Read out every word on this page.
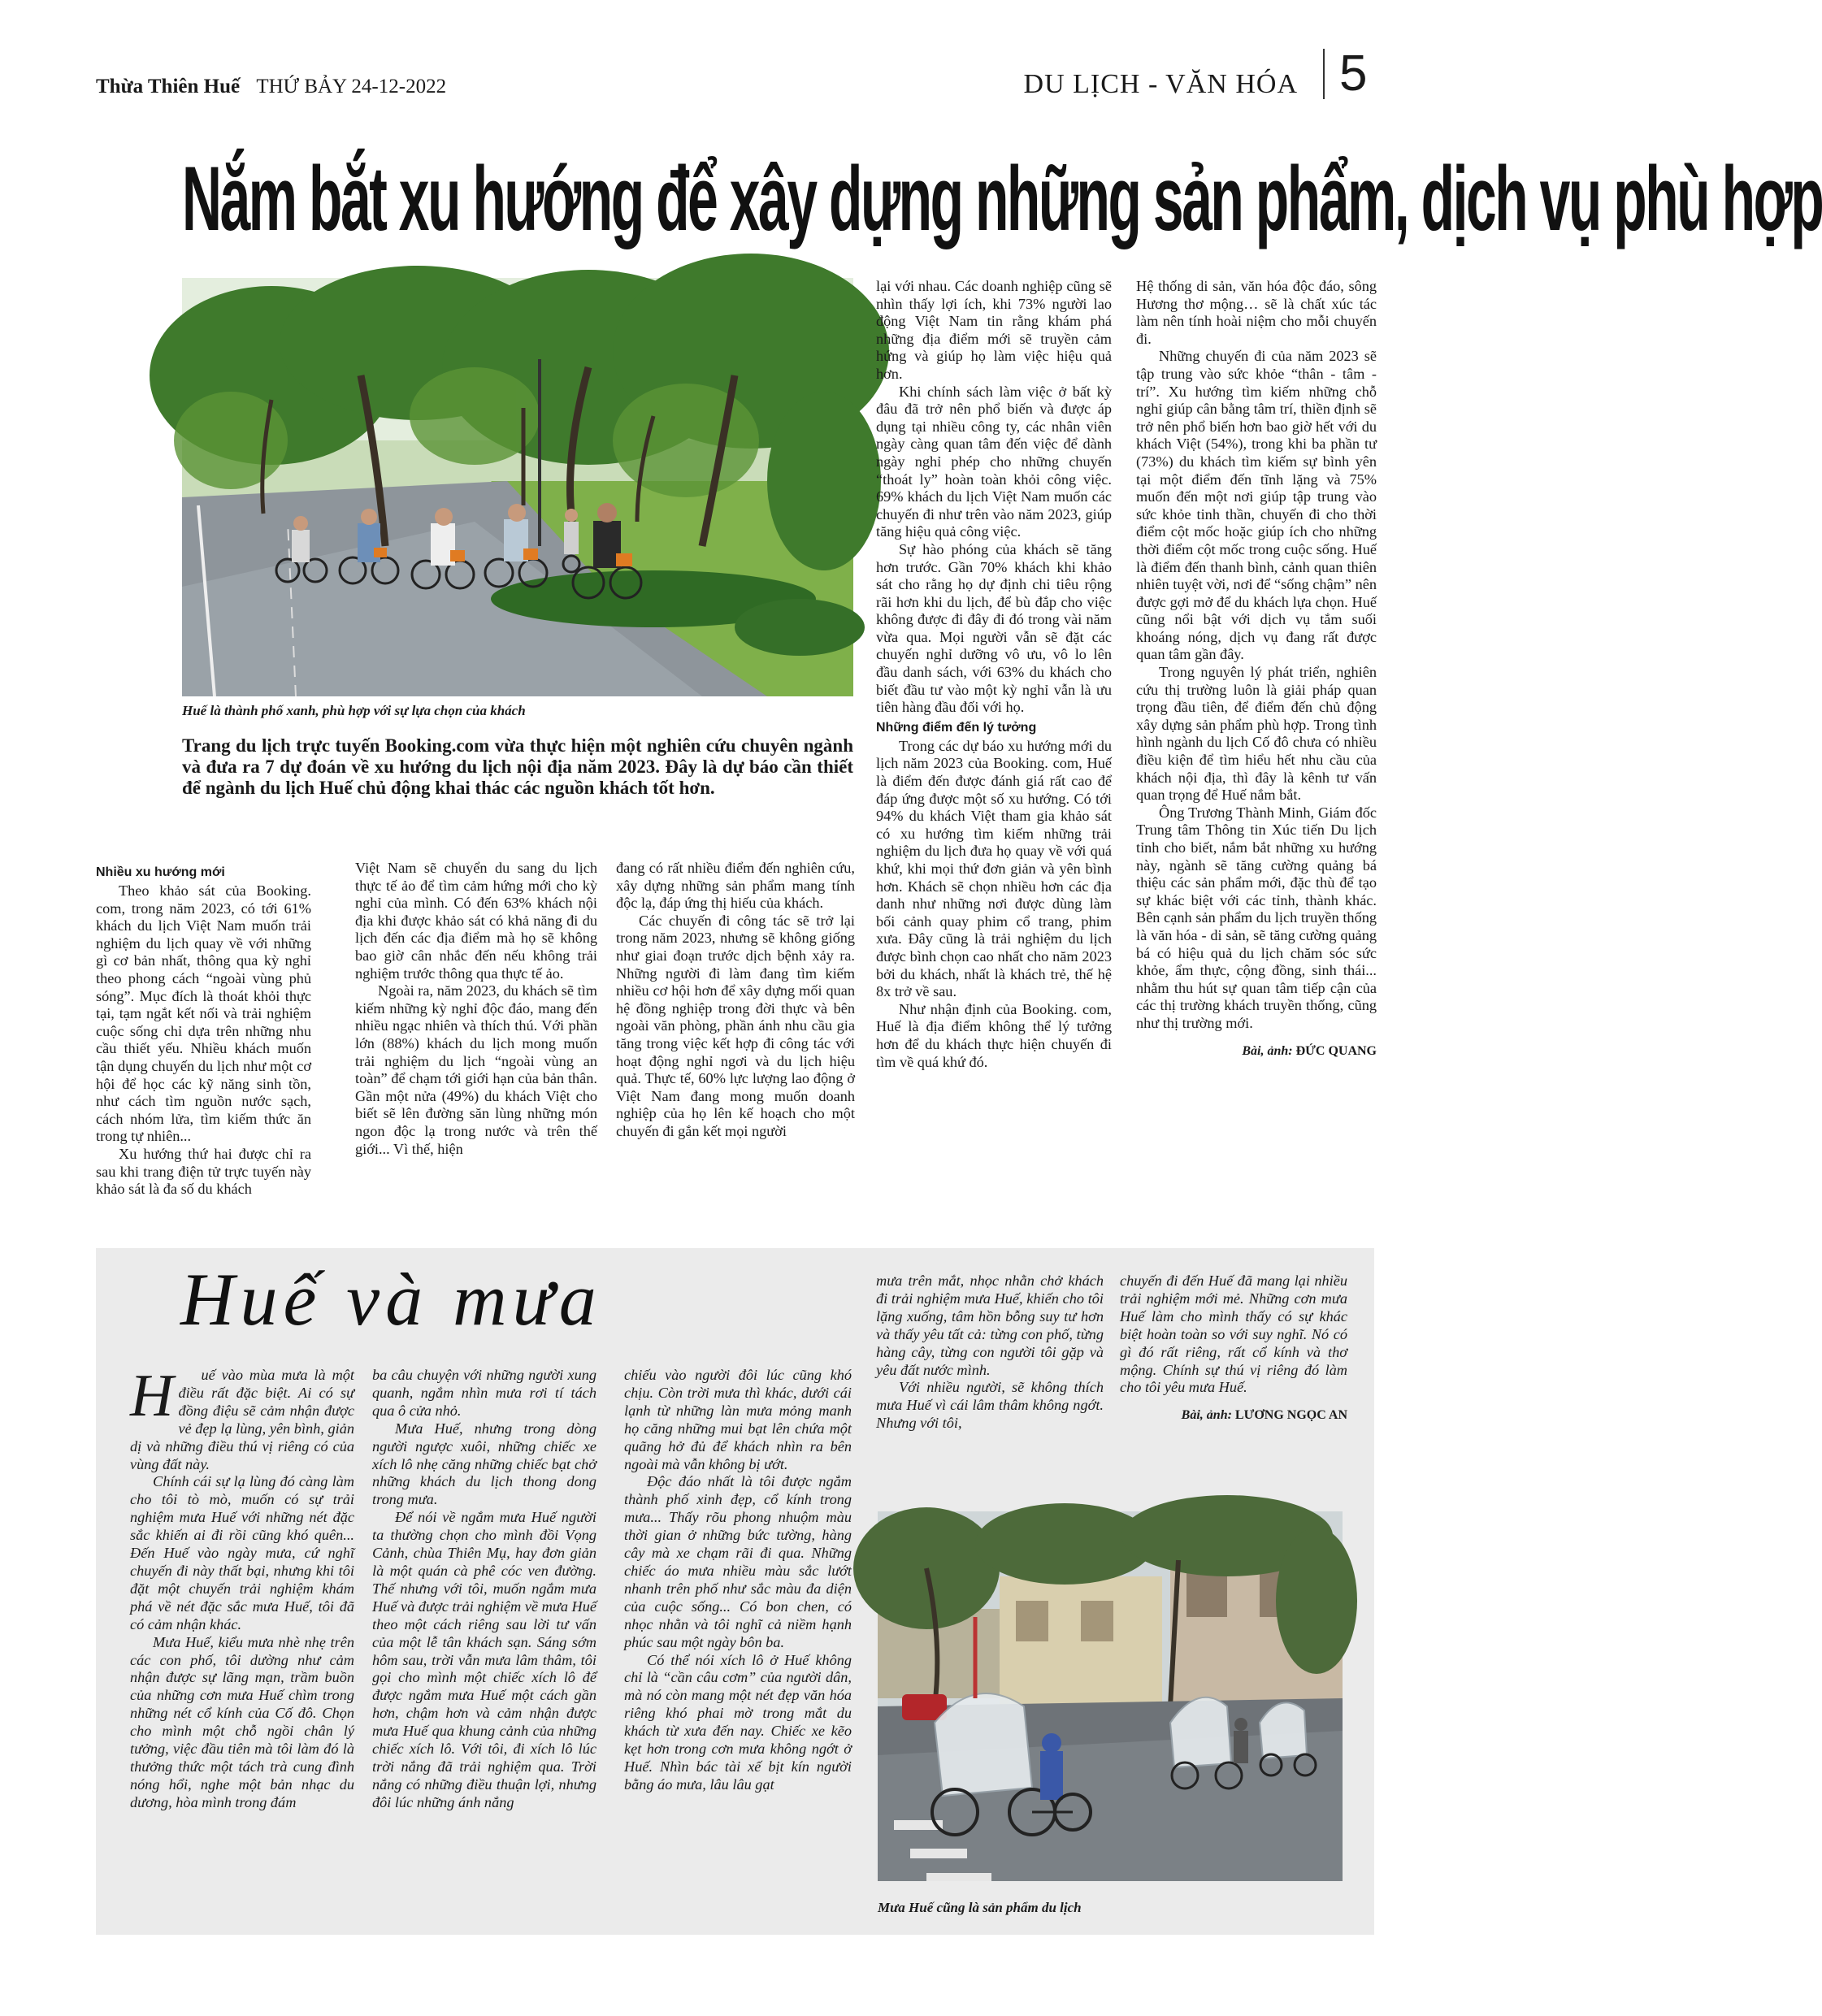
Thừa Thiên Huế THỨ BẢY 24-12-2022	DU LỊCH - VĂN HÓA 5
Nắm bắt xu hướng để xây dựng những sản phẩm, dịch vụ phù hợp
Huế là thành phố xanh, phù hợp với sự lựa chọn của khách
Trang du lịch trực tuyến Booking.com vừa thực hiện một nghiên cứu chuyên ngành và đưa ra 7 dự đoán về xu hướng du lịch nội địa năm 2023. Đây là dự báo cần thiết để ngành du lịch Huế chủ động khai thác các nguồn khách tốt hơn.
Nhiều xu hướng mới

Theo khảo sát của Booking. com, trong năm 2023, có tới 61% khách du lịch Việt Nam muốn trải nghiệm du lịch quay về với những gì cơ bản nhất, thông qua kỳ nghỉ theo phong cách “ngoài vùng phủ sóng”. Mục đích là thoát khỏi thực tại, tạm ngắt kết nối và trải nghiệm cuộc sống chỉ dựa trên những nhu cầu thiết yếu. Nhiều khách muốn tận dụng chuyến du lịch như một cơ hội để học các kỹ năng sinh tồn, như cách tìm nguồn nước sạch, cách nhóm lửa, tìm kiếm thức ăn trong tự nhiên...

Xu hướng thứ hai được chỉ ra sau khi trang điện tử trực tuyến này khảo sát là đa số du khách

Việt Nam sẽ chuyển du sang du lịch thực tế ảo để tìm cảm hứng mới cho kỳ nghỉ của mình. Có đến 63% khách nội địa khi được khảo sát có khả năng đi du lịch đến các địa điểm mà họ sẽ không bao giờ cân nhắc đến nếu không trải nghiệm trước thông qua thực tế ảo.

Ngoài ra, năm 2023, du khách sẽ tìm kiếm những kỳ nghỉ độc đáo, mang đến nhiều ngạc nhiên và thích thú. Với phần lớn (88%) khách du lịch mong muốn trải nghiệm du lịch “ngoài vùng an toàn” để chạm tới giới hạn của bản thân. Gần một nửa (49%) du khách Việt cho biết sẽ lên đường săn lùng những món ngon độc lạ trong nước và trên thế giới... Vì thế, hiện

đang có rất nhiều điểm đến nghiên cứu, xây dựng những sản phẩm mang tính độc lạ, đáp ứng thị hiếu của khách.

Các chuyến đi công tác sẽ trở lại trong năm 2023, nhưng sẽ không giống như giai đoạn trước dịch bệnh xảy ra. Những người đi làm đang tìm kiếm nhiều cơ hội hơn để xây dựng mối quan hệ đồng nghiệp trong đời thực và bên ngoài văn phòng, phần ánh nhu cầu gia tăng trong việc kết hợp đi công tác với hoạt động nghỉ ngơi và du lịch hiệu quả. Thực tế, 60% lực lượng lao động ở Việt Nam đang mong muốn doanh nghiệp của họ lên kế hoạch cho một chuyến đi gắn kết mọi người

lại với nhau. Các doanh nghiệp cũng sẽ nhìn thấy lợi ích, khi 73% người lao động Việt Nam tin rằng khám phá những địa điểm mới sẽ truyền cảm hứng và giúp họ làm việc hiệu quả hơn.

Khi chính sách làm việc ở bất kỳ đâu đã trở nên phổ biến và được áp dụng tại nhiều công ty, các nhân viên ngày càng quan tâm đến việc để dành ngày nghỉ phép cho những chuyến “thoát ly” hoàn toàn khỏi công việc. 69% khách du lịch Việt Nam muốn các chuyến đi như trên vào năm 2023, giúp tăng hiệu quả công việc.

Sự hào phóng của khách sẽ tăng hơn trước. Gần 70% khách khi khảo sát cho rằng họ dự định chi tiêu rộng rãi hơn khi du lịch, để bù đắp cho việc không được đi đây đi đó trong vài năm vừa qua. Mọi người vẫn sẽ đặt các chuyến nghỉ dưỡng vô ưu, vô lo lên đầu danh sách, với 63% du khách cho biết đầu tư vào một kỳ nghỉ vẫn là ưu tiên hàng đầu đối với họ.

Những điểm đến lý tưởng

Trong các dự báo xu hướng mới du lịch năm 2023 của Booking. com, Huế là điểm đến được đánh giá rất cao để đáp ứng được một số xu hướng. Có tới 94% du khách Việt tham gia khảo sát có xu hướng tìm kiếm những trải nghiệm du lịch đưa họ quay về với quá khứ, khi mọi thứ đơn giản và yên bình hơn. Khách sẽ chọn nhiều hơn các địa danh như những nơi được dùng làm bối cảnh quay phim cổ trang, phim xưa. Đây cũng là trải nghiệm du lịch được bình chọn cao nhất cho năm 2023 bởi du khách, nhất là khách trẻ, thế hệ 8x trở về sau.

Như nhận định của Booking. com, Huế là địa điểm không thể lý tưởng hơn để du khách thực hiện chuyến đi tìm về quá khứ đó.

Hệ thống di sản, văn hóa độc đáo, sông Hương thơ mộng… sẽ là chất xúc tác làm nên tính hoài niệm cho mỗi chuyến đi.

Những chuyến đi của năm 2023 sẽ tập trung vào sức khỏe “thân - tâm - trí”. Xu hướng tìm kiếm những chỗ nghỉ giúp cân bằng tâm trí, thiền định sẽ trở nên phổ biến hơn bao giờ hết với du khách Việt (54%), trong khi ba phần tư (73%) du khách tìm kiếm sự bình yên tại một điểm đến tĩnh lặng và 75% muốn đến một nơi giúp tập trung vào sức khỏe tinh thần, chuyến đi cho thời điểm cột mốc hoặc giúp ích cho những thời điểm cột mốc trong cuộc sống. Huế là điểm đến thanh bình, cảnh quan thiên nhiên tuyệt vời, nơi để “sống chậm” nên được gợi mở để du khách lựa chọn. Huế cũng nổi bật với dịch vụ tắm suối khoáng nóng, dịch vụ đang rất được quan tâm gần đây.

Trong nguyên lý phát triển, nghiên cứu thị trường luôn là giải pháp quan trọng đầu tiên, để điểm đến chủ động xây dựng sản phẩm phù hợp. Trong tình hình ngành du lịch Cố đô chưa có nhiều điều kiện để tìm hiểu hết nhu cầu của khách nội địa, thì đây là kênh tư vấn quan trọng để Huế nắm bắt.

Ông Trương Thành Minh, Giám đốc Trung tâm Thông tin Xúc tiến Du lịch tỉnh cho biết, nắm bắt những xu hướng này, ngành sẽ tăng cường quảng bá thiệu các sản phẩm mới, đặc thù để tạo sự khác biệt với các tỉnh, thành khác. Bên cạnh sản phẩm du lịch truyền thống là văn hóa - di sản, sẽ tăng cường quảng bá có hiệu quả du lịch chăm sóc sức khỏe, ẩm thực, cộng đồng, sinh thái... nhằm thu hút sự quan tâm tiếp cận của các thị trường khách truyền thống, cũng như thị trường mới.

Bài, ảnh: ĐỨC QUANG
Huế và mưa

H uế vào mùa mưa là một điều rất đặc biệt. Ai có sự đồng điệu sẽ cảm nhận được vẻ đẹp lạ lùng, yên bình, giản dị và những điều thú vị riêng có của vùng đất này.

Chính cái sự lạ lùng đó càng làm cho tôi tò mò, muốn có sự trải nghiệm mưa Huế với những nét đặc sắc khiến ai đi rồi cũng khó quên... Đến Huế vào ngày mưa, cứ nghĩ chuyến đi này thất bại, nhưng khi tôi đặt một chuyến trải nghiệm khám phá về nét đặc sắc mưa Huế, tôi đã có cảm nhận khác.

Mưa Huế, kiểu mưa nhè nhẹ trên các con phố, tôi dường như cảm nhận được sự lãng mạn, trầm buồn của những cơn mưa Huế chìm trong những nét cổ kính của Cố đô. Chọn cho mình một chỗ ngồi chân lý tưởng, việc đầu tiên mà tôi làm đó là thưởng thức một tách trà cung đình nóng hổi, nghe một bản nhạc du dương, hòa mình trong đám

ba câu chuyện với những người xung quanh, ngắm nhìn mưa rơi tí tách qua ô cửa nhỏ.

Mưa Huế, nhưng trong dòng người ngược xuôi, những chiếc xe xích lô nhẹ căng những chiếc bạt chở những khách du lịch thong dong trong mưa.

Để nói về ngắm mưa Huế người ta thường chọn cho mình đồi Vọng Cảnh, chùa Thiên Mụ, hay đơn giản là một quán cà phê cóc ven đường. Thế nhưng với tôi, muốn ngắm mưa Huế và được trải nghiệm về mưa Huế theo một cách riêng sau lời tư vấn của một lễ tân khách sạn. Sáng sớm hôm sau, trời vẫn mưa lâm thâm, tôi gọi cho mình một chiếc xích lô để được ngắm mưa Huế một cách gần hơn, chậm hơn và cảm nhận được mưa Huế qua khung cảnh của những chiếc xích lô. Với tôi, đi xích lô lúc trời nắng đã trải nghiệm qua. Trời nắng có những điều thuận lợi, nhưng đôi lúc những ánh nắng

chiếu vào người đôi lúc cũng khó chịu. Còn trời mưa thì khác, dưới cái lạnh từ những làn mưa mỏng manh họ căng những mui bạt lên chứa một quãng hở đủ để khách nhìn ra bên ngoài mà vẫn không bị ướt.

Độc đáo nhất là tôi được ngắm thành phố xinh đẹp, cổ kính trong mưa... Thấy rõu phong nhuộm màu thời gian ở những bức tường, hàng cây mà xe chạm rãi đi qua. Những chiếc áo mưa nhiều màu sắc lướt nhanh trên phố như sắc màu đa diện của cuộc sống... Có bon chen, có nhọc nhằn và tôi nghĩ cả niềm hạnh phúc sau một ngày bôn ba.

Có thể nói xích lô ở Huế không chỉ là “cần câu cơm” của người dân, mà nó còn mang một nét đẹp văn hóa riêng khó phai mờ trong mắt du khách từ xưa đến nay. Chiếc xe kẽo kẹt hơn trong cơn mưa không ngớt ở Huế. Nhìn bác tài xế bịt kín người bằng áo mưa, lâu lâu gạt

mưa trên mắt, nhọc nhằn chở khách đi trải nghiệm mưa Huế, khiến cho tôi lặng xuống, tâm hồn bỗng suy tư hơn và thấy yêu tất cả: từng con phố, từng hàng cây, từng con người tôi gặp và yêu đất nước mình.

Với nhiều người, sẽ không thích mưa Huế vì cái lâm thâm không ngớt. Nhưng với tôi,

chuyến đi đến Huế đã mang lại nhiều trải nghiệm mới mẻ. Những cơn mưa Huế làm cho mình thấy có sự khác biệt hoàn toàn so với suy nghĩ. Nó có gì đó rất riêng, rất cổ kính và thơ mộng. Chính sự thú vị riêng đó làm cho tôi yêu mưa Huế.

Bài, ảnh: LƯƠNG NGỌC AN
Mưa Huế cũng là sản phẩm du lịch
